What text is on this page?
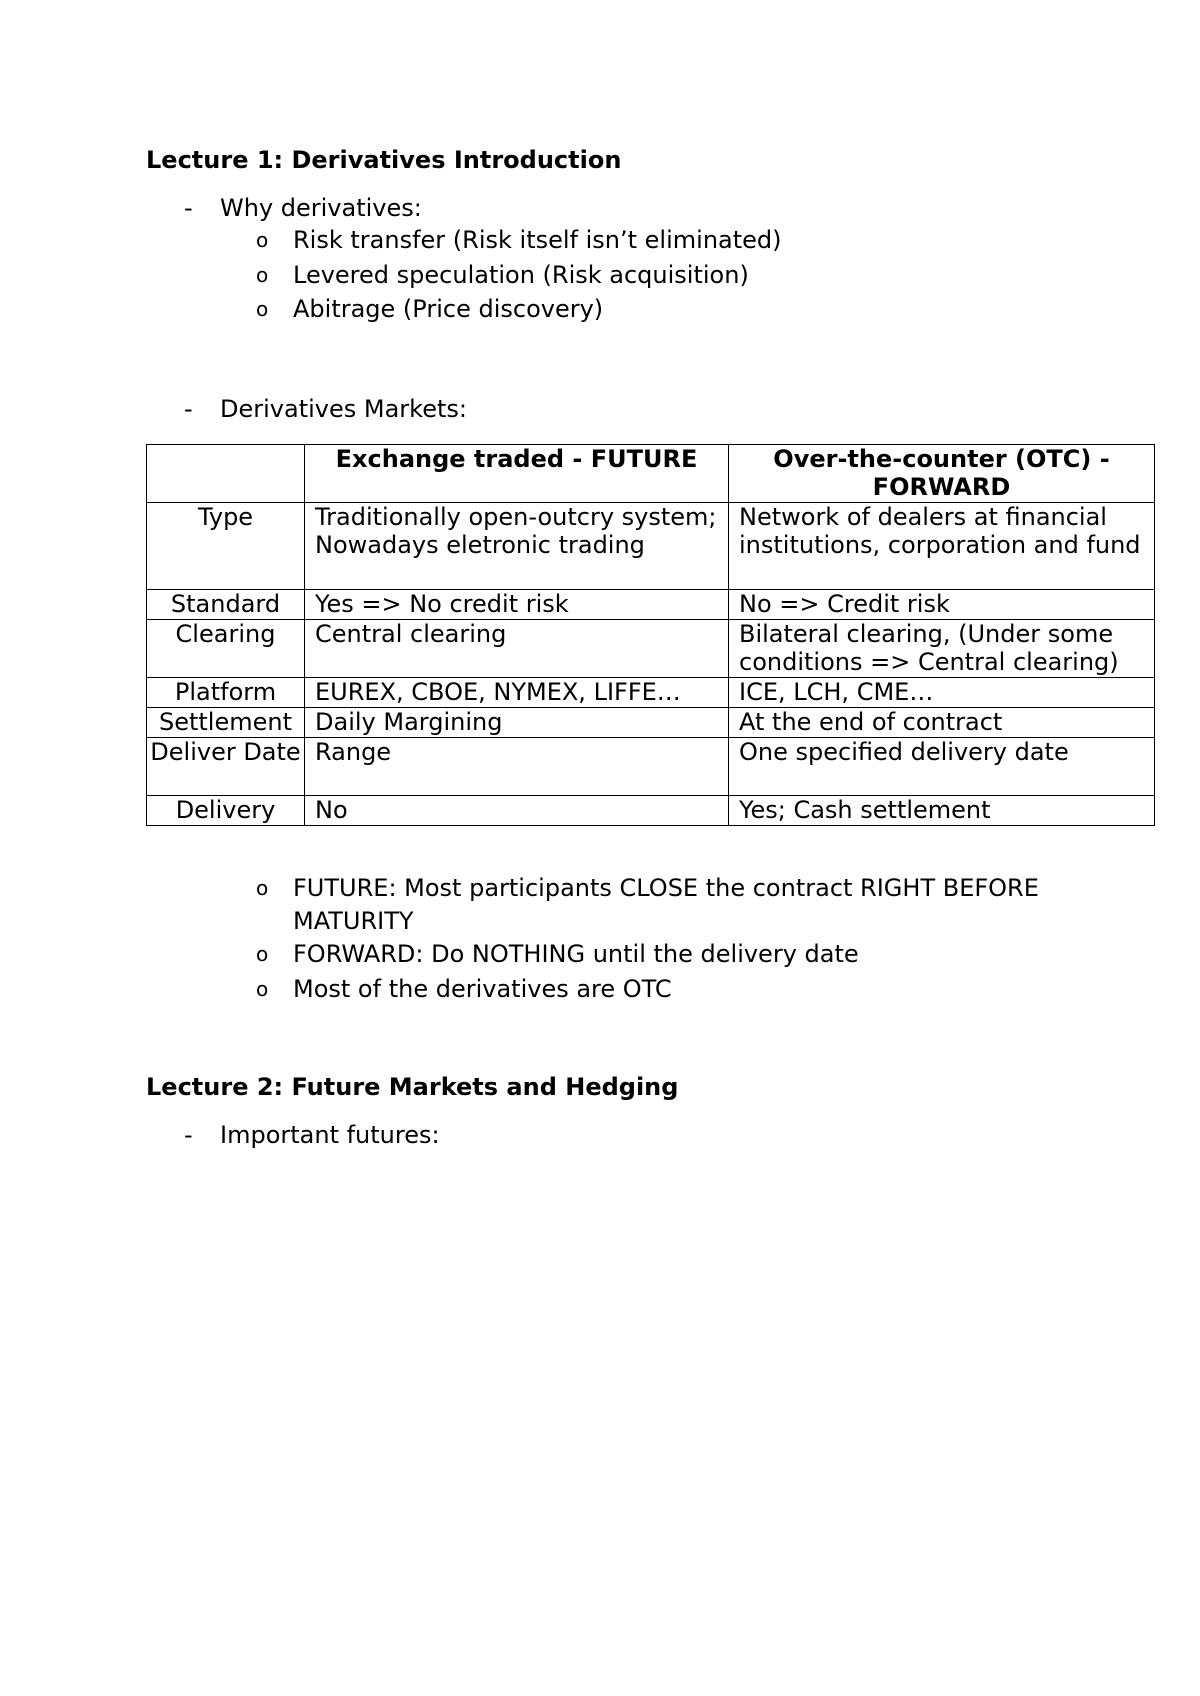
Lecture 1: Derivatives Introduction
-	Why derivatives:
o	Risk transfer (Risk itself isn’t eliminated)
o	Levered speculation (Risk acquisition)
o	Abitrage (Price discovery)
-	Derivatives Markets:
	Exchange traded - FUTURE	Over-the-counter (OTC) - FORWARD
Type	Traditionally open-outcry system; Nowadays eletronic trading	Network of dealers at financial institutions, corporation and fund
Standard	Yes => No credit risk	No => Credit risk
Clearing	Central clearing	Bilateral clearing, (Under some conditions => Central clearing)
Platform	EUREX, CBOE, NYMEX, LIFFE…	ICE, LCH, CME…
Settlement	Daily Margining	At the end of contract
Deliver Date	Range	One specified delivery date
Delivery	No	Yes; Cash settlement
o	FUTURE: Most participants CLOSE the contract RIGHT BEFORE
MATURITY
o	FORWARD: Do NOTHING until the delivery date
o	Most of the derivatives are OTC
Lecture 2: Future Markets and Hedging
-	Important futures:
